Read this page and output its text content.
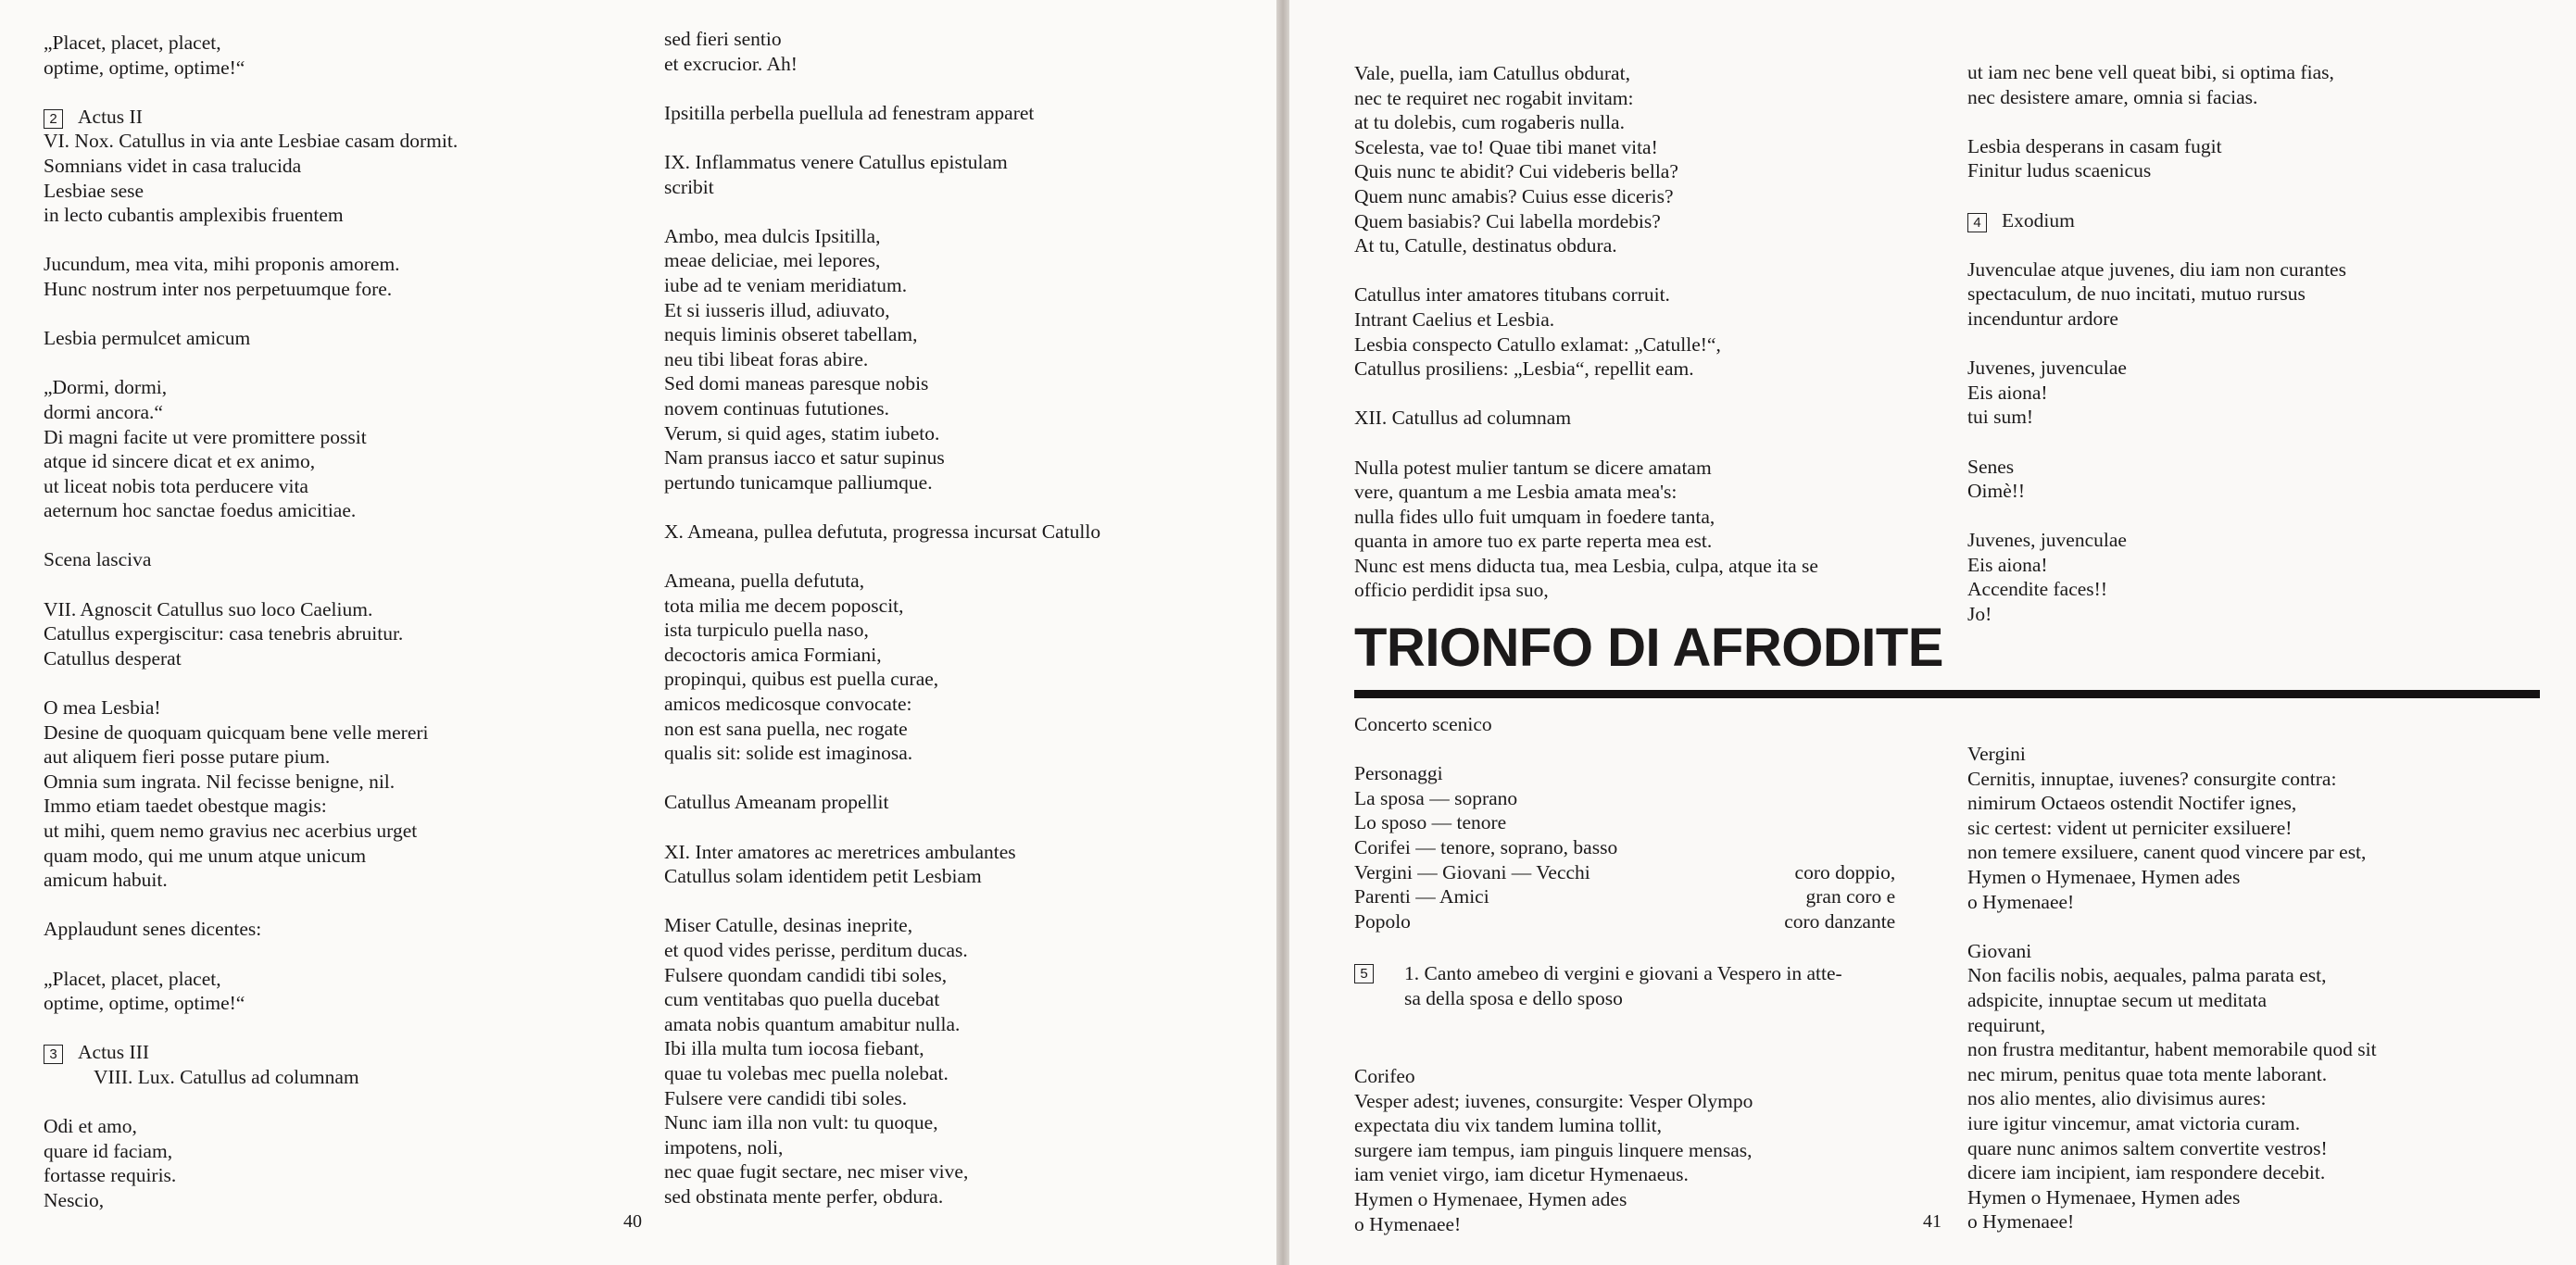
„Placet, placet, placet,
optime, optime, optime!“
2 Actus II
VI. Nox. Catullus in via ante Lesbiae casam dormit.
Somnians videt in casa tralucida
Lesbiae sese
in lecto cubantis amplexibis fruentem
Jucundum, mea vita, mihi proponis amorem.
Hunc nostrum inter nos perpetuumque fore.
Lesbia permulcet amicum
„Dormi, dormi,
dormi ancora.“
Di magni facite ut vere promittere possit
atque id sincere dicat et ex animo,
ut liceat nobis tota perducere vita
aeternum hoc sanctae foedus amicitiae.
Scena lasciva
VII. Agnoscit Catullus suo loco Caelium.
Catullus expergiscitur: casa tenebris abruitur.
Catullus desperat
O mea Lesbia!
Desine de quoquam quicquam bene velle mereri
aut aliquem fieri posse putare pium.
Omnia sum ingrata. Nil fecisse benigne, nil.
Immo etiam taedet obestque magis:
ut mihi, quem nemo gravius nec acerbius urget
quam modo, qui me unum atque unicum
amicum habuit.
Applaudunt senes dicentes:
„Placet, placet, placet,
optime, optime, optime!“
3 Actus III
VIII. Lux. Catullus ad columnam
Odi et amo,
quare id faciam,
fortasse requiris.
Nescio,
sed fieri sentio
et excrucior. Ah!
Ipsitilla perbella puellula ad fenestram apparet
IX. Inflammatus venere Catullus epistulam
scribit
Ambo, mea dulcis Ipsitilla,
meae deliciae, mei lepores,
iube ad te veniam meridiatum.
Et si iusseris illud, adiuvato,
nequis liminis obseret tabellam,
neu tibi libeat foras abire.
Sed domi maneas paresque nobis
novem continuas fututiones.
Verum, si quid ages, statim iubeto.
Nam pransus iacco et satur supinus
pertundo tunicamque palliumque.
X. Ameana, pullea defututa, progressa incursat Catullo
Ameana, puella defututa,
tota milia me decem poposcit,
ista turpiculo puella naso,
decoctoris amica Formiani,
propinqui, quibus est puella curae,
amicos medicosque convocate:
non est sana puella, nec rogate
qualis sit: solide est imaginosa.
Catullus Ameanam propellit
XI. Inter amatores ac meretrices ambulantes
Catullus solam identidem petit Lesbiam
Miser Catulle, desinas ineprite,
et quod vides perisse, perditum ducas.
Fulsere quondam candidi tibi soles,
cum ventitabas quo puella ducebat
amata nobis quantum amabitur nulla.
Ibi illa multa tum iocosa fiebant,
quae tu volebas mec puella nolebat.
Fulsere vere candidi tibi soles.
Nunc iam illa non vult: tu quoque,
impotens, noli,
nec quae fugit sectare, nec miser vive,
sed obstinata mente perfer, obdura.
40
Vale, puella, iam Catullus obdurat,
nec te requiret nec rogabit invitam:
at tu dolebis, cum rogaberis nulla.
Scelesta, vae to! Quae tibi manet vita!
Quis nunc te abidit? Cui videberis bella?
Quem nunc amabis? Cuius esse diceris?
Quem basiabis? Cui labella mordebis?
At tu, Catulle, destinatus obdura.
Catullus inter amatores titubans corruit.
Intrant Caelius et Lesbia.
Lesbia conspecto Catullo exlamat: „Catulle!“,
Catullus prosiliens: „Lesbia“, repellit eam.
XII. Catullus ad columnam
Nulla potest mulier tantum se dicere amatam
vere, quantum a me Lesbia amata mea's:
nulla fides ullo fuit umquam in foedere tanta,
quanta in amore tuo ex parte reperta mea est.
Nunc est mens diducta tua, mea Lesbia, culpa, atque ita se
officio perdidit ipsa suo,
ut iam nec bene vell queat bibi, si optima fias,
nec desistere amare, omnia si facias.
Lesbia desperans in casam fugit
Finitur ludus scaenicus
4 Exodium
Juvenculae atque juvenes, diu iam non curantes
spectaculum, de nuo incitati, mutuo rursus
incenduntur ardore
Juvenes, juvenculae
Eis aiona!
tui sum!
Senes
Oimè!!
Juvenes, juvenculae
Eis aiona!
Accendite faces!!
Jo!
Concerto scenico
Personaggi
La sposa — soprano	
Lo sposo — tenore	
Corifei — tenore, soprano, basso	
Vergini — Giovani — Vecchi	coro doppio,
Parenti — Amici	gran coro e
Popolo	coro danzante
5 1. Canto amebeo di vergini e giovani a Vespero in atte-
sa della sposa e dello sposo
Corifeo
Vesper adest; iuvenes, consurgite: Vesper Olympo
expectata diu vix tandem lumina tollit,
surgere iam tempus, iam pinguis linquere mensas,
iam veniet virgo, iam dicetur Hymenaeus.
Hymen o Hymenaee, Hymen ades
o Hymenaee!
Vergini
Cernitis, innuptae, iuvenes? consurgite contra:
nimirum Octaeos ostendit Noctifer ignes,
sic certest: vident ut perniciter exsiluere!
non temere exsiluere, canent quod vincere par est,
Hymen o Hymenaee, Hymen ades
o Hymenaee!
Giovani
Non facilis nobis, aequales, palma parata est,
adspicite, innuptae secum ut meditata
requirunt,
non frustra meditantur, habent memorabile quod sit
nec mirum, penitus quae tota mente laborant.
nos alio mentes, alio divisimus aures:
iure igitur vincemur, amat victoria curam.
quare nunc animos saltem convertite vestros!
dicere iam incipient, iam respondere decebit.
Hymen o Hymenaee, Hymen ades
o Hymenaee!
41
TRIONFO DI AFRODITE
